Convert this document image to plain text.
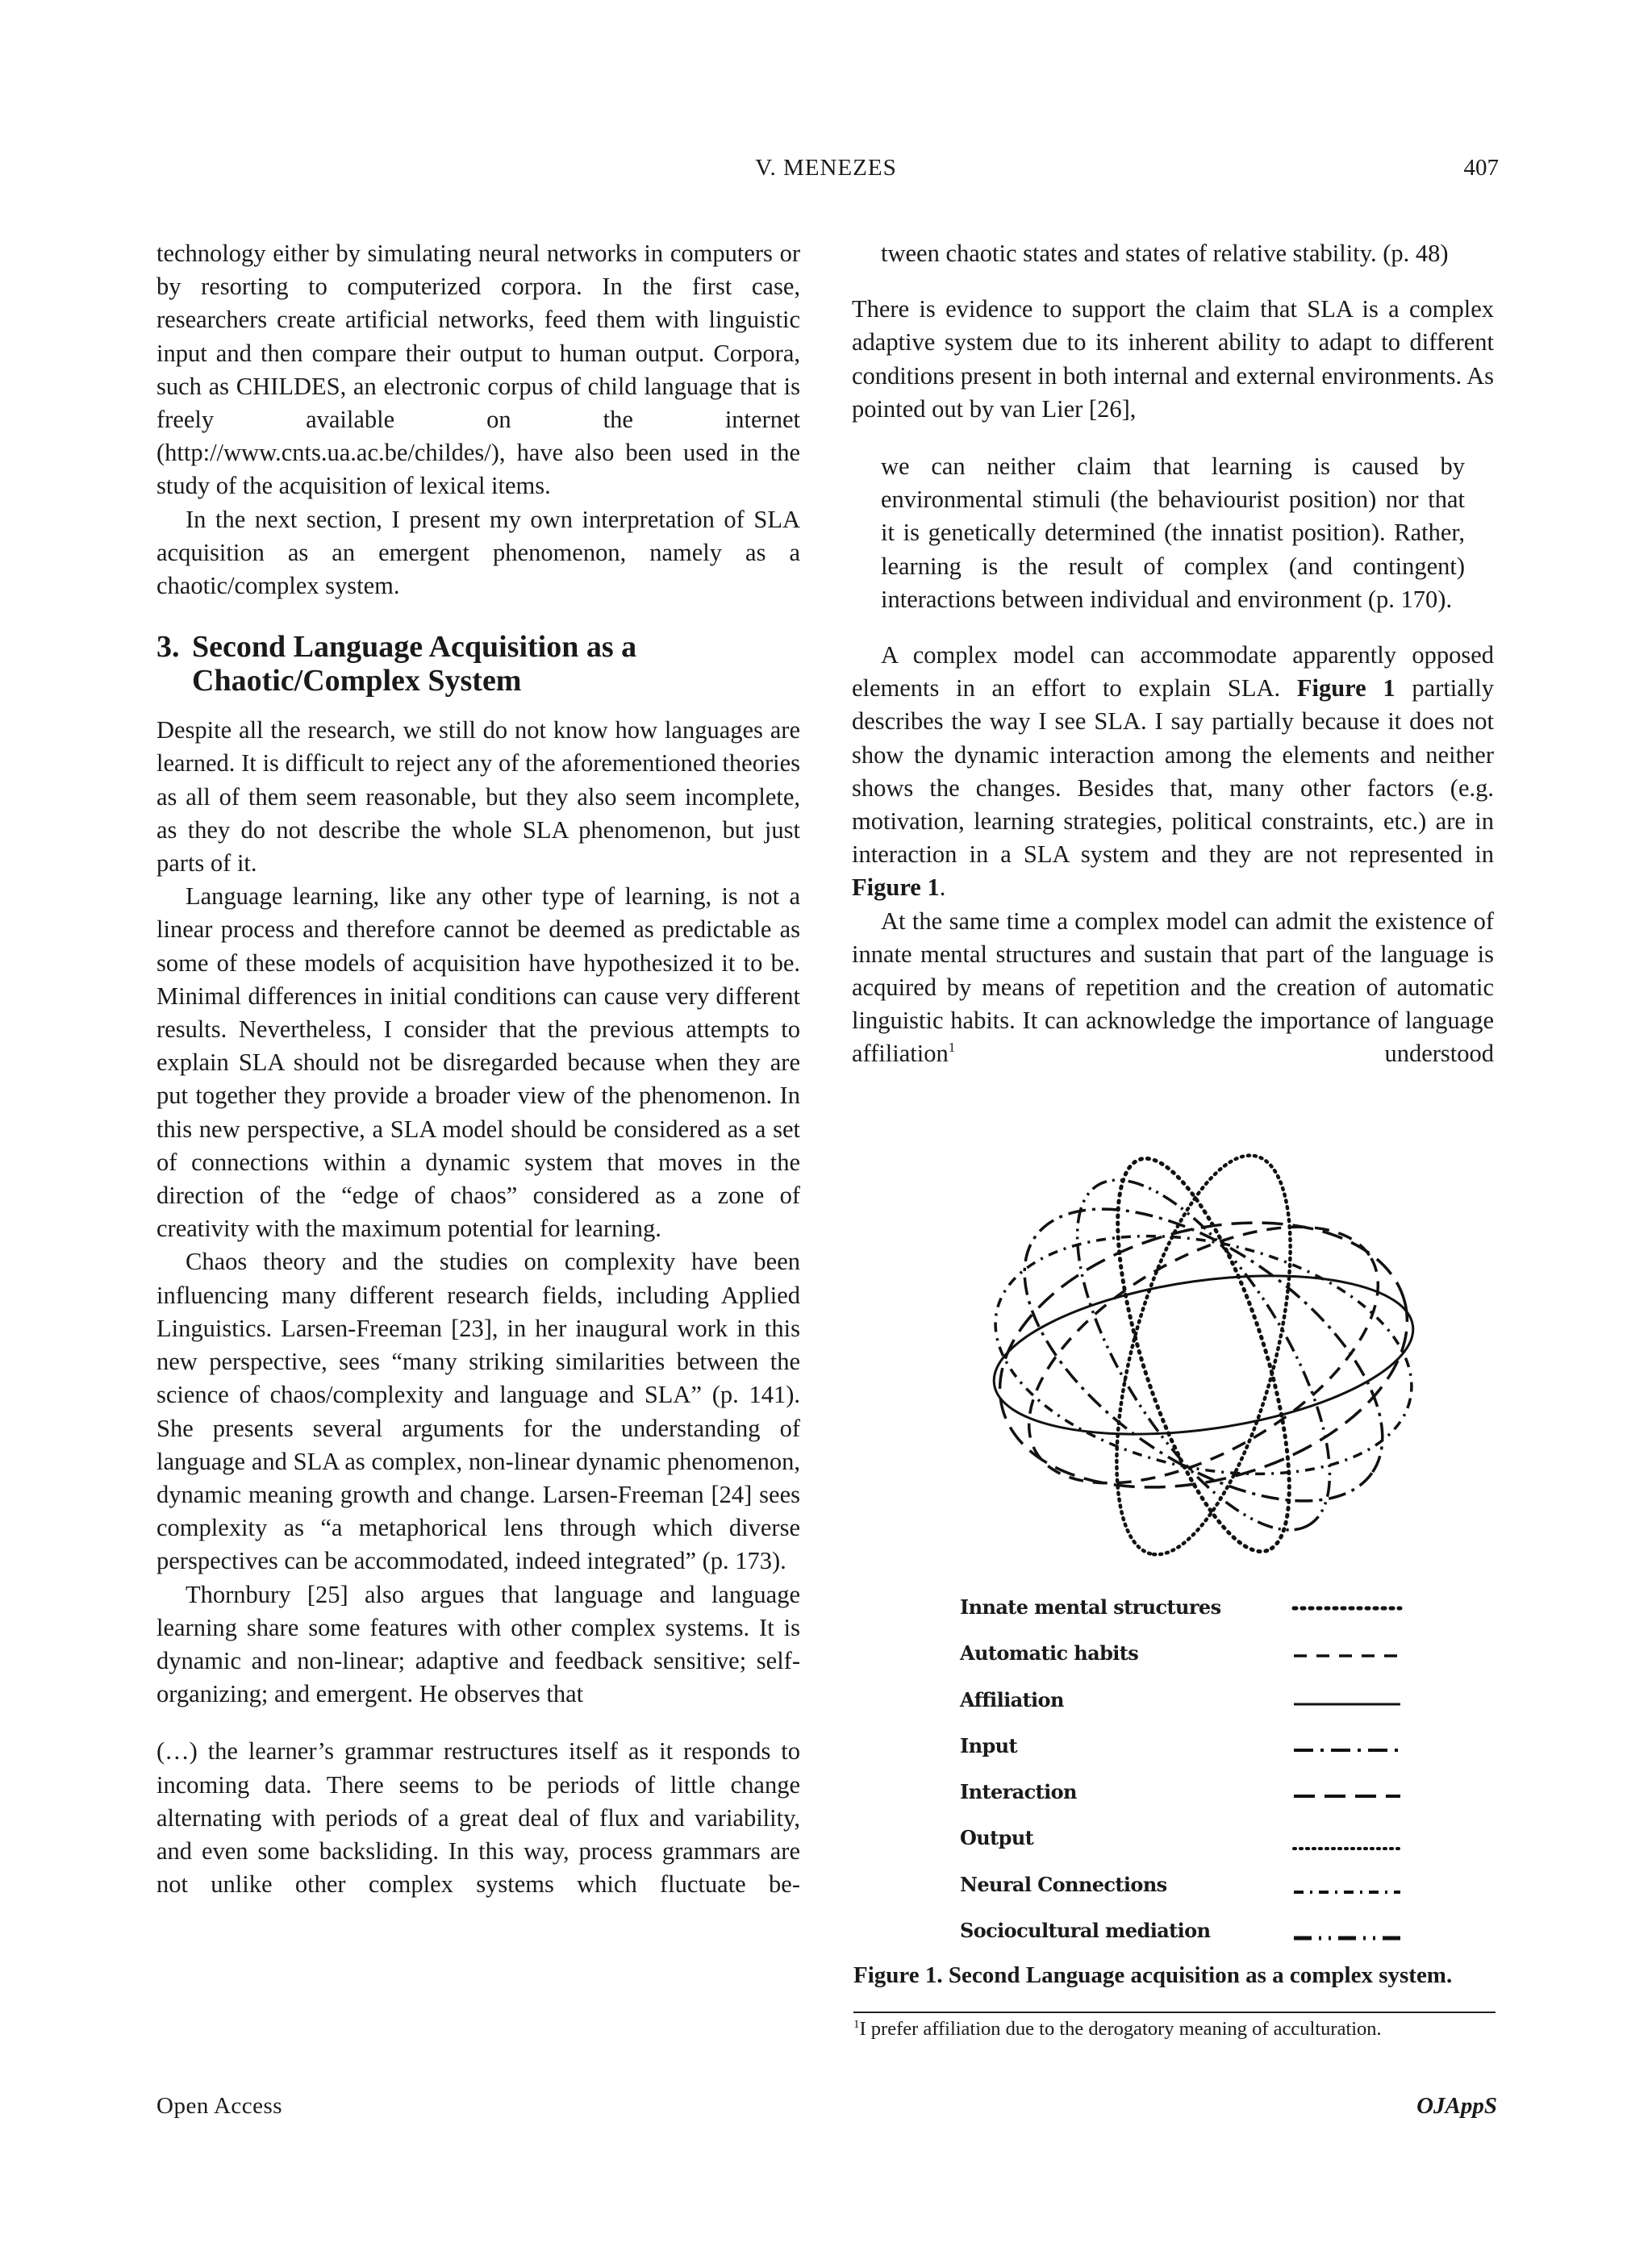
V. MENEZES	407

technology either by simulating neural networks in computers or by resorting to computerized corpora. In the first case, researchers create artificial networks, feed them with linguistic input and then compare their output to human output. Corpora, such as CHILDES, an electronic corpus of child language that is freely available on the internet (http://www.cnts.ua.ac.be/childes/), have also been used in the study of the acquisition of lexical items.

In the next section, I present my own interpretation of SLA acquisition as an emergent phenomenon, namely as a chaotic/complex system.

3. Second Language Acquisition as a
Chaotic/Complex System

Despite all the research, we still do not know how languages are learned. It is difficult to reject any of the aforementioned theories as all of them seem reasonable, but they also seem incomplete, as they do not describe the whole SLA phenomenon, but just parts of it.

Language learning, like any other type of learning, is not a linear process and therefore cannot be deemed as predictable as some of these models of acquisition have hypothesized it to be. Minimal differences in initial conditions can cause very different results. Nevertheless, I consider that the previous attempts to explain SLA should not be disregarded because when they are put together they provide a broader view of the phenomenon. In this new perspective, a SLA model should be considered as a set of connections within a dynamic system that moves in the direction of the “edge of chaos” considered as a zone of creativity with the maximum potential for learning.

Chaos theory and the studies on complexity have been influencing many different research fields, including Applied Linguistics. Larsen-Freeman [23], in her inaugural work in this new perspective, sees “many striking similarities between the science of chaos/complexity and language and SLA” (p. 141). She presents several arguments for the understanding of language and SLA as complex, non-linear dynamic phenomenon, dynamic meaning growth and change. Larsen-Freeman [24] sees complexity as “a metaphorical lens through which diverse perspectives can be accommodated, indeed integrated” (p. 173).

Thornbury [25] also argues that language and language learning share some features with other complex systems. It is dynamic and non-linear; adaptive and feedback sensitive; self-organizing; and emergent. He observes that

(…) the learner’s grammar restructures itself as it responds to incoming data. There seems to be periods of little change alternating with periods of a great deal of flux and variability, and even some backsliding. In this way, process grammars are not unlike other complex systems which fluctuate be-

tween chaotic states and states of relative stability. (p. 48)

There is evidence to support the claim that SLA is a complex adaptive system due to its inherent ability to adapt to different conditions present in both internal and external environments. As pointed out by van Lier [26],

we can neither claim that learning is caused by environmental stimuli (the behaviourist position) nor that it is genetically determined (the innatist position). Rather, learning is the result of complex (and contingent) interactions between individual and environment (p. 170).

A complex model can accommodate apparently opposed elements in an effort to explain SLA. Figure 1 partially describes the way I see SLA. I say partially because it does not show the dynamic interaction among the elements and neither shows the changes. Besides that, many other factors (e.g. motivation, learning strategies, political constraints, etc.) are in interaction in a SLA system and they are not represented in Figure 1.

At the same time a complex model can admit the existence of innate mental structures and sustain that part of the language is acquired by means of repetition and the creation of automatic linguistic habits. It can acknowledge the importance of language affiliation$^1$	understood

Innate mental structures
Automatic habits
Affiliation
Input
Interaction
Output
Neural Connections
Sociocultural mediation
Figure 1. Second Language acquisition as a complex system.
$^1$I prefer affiliation due to the derogatory meaning of acculturation.
Open Access	OJAppS
